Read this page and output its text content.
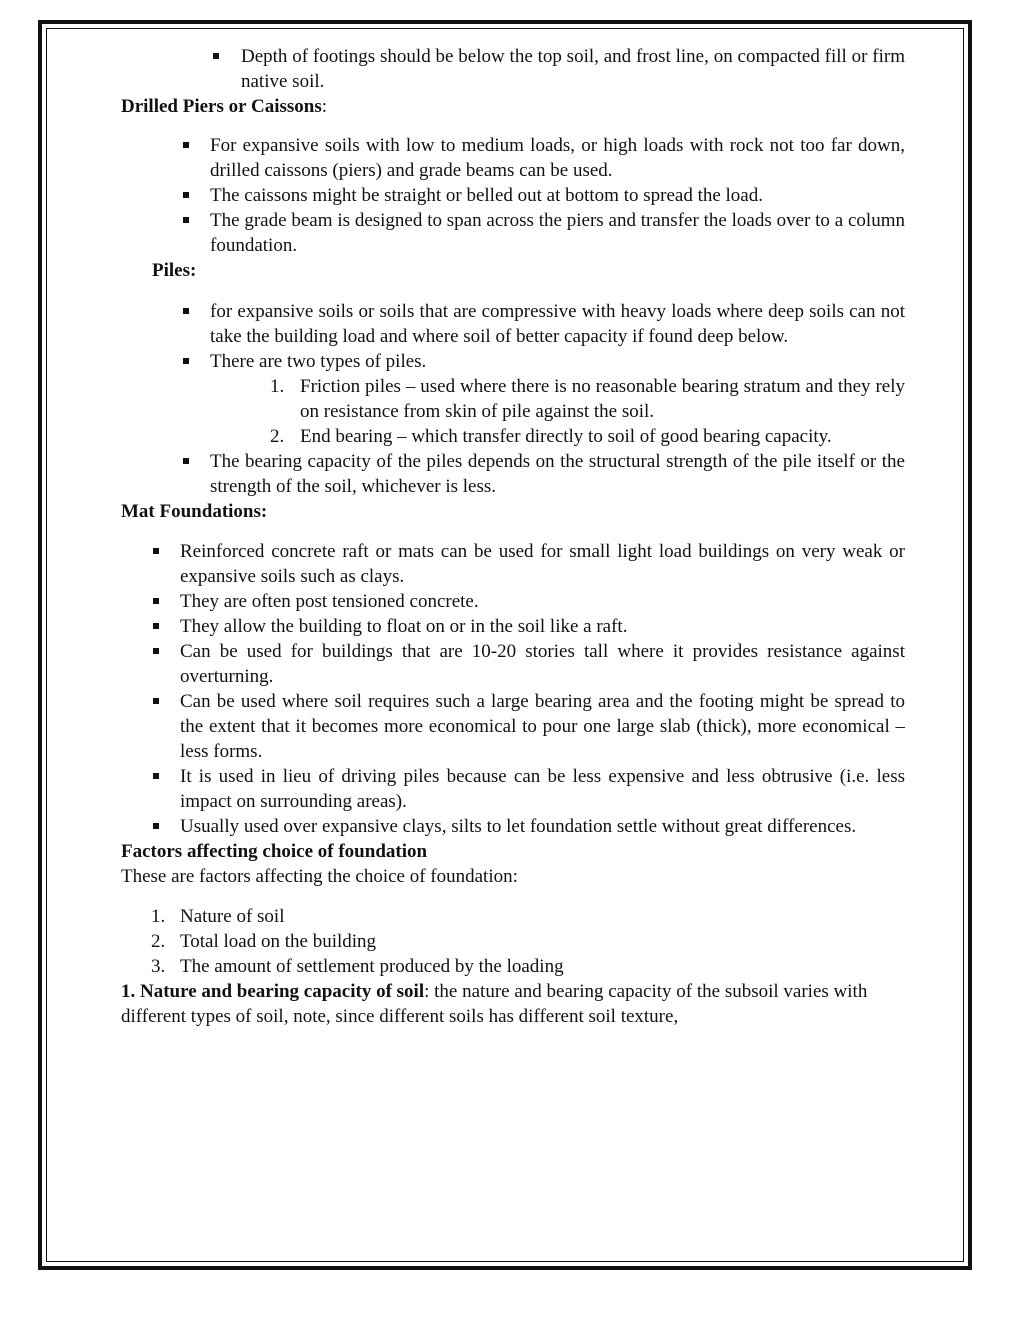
Depth of footings should be below the top soil, and frost line, on compacted fill or firm native soil.

Drilled Piers or Caissons:

For expansive soils with low to medium loads, or high loads with rock not too far down, drilled caissons (piers) and grade beams can be used.
The caissons might be straight or belled out at bottom to spread the load.
The grade beam is designed to span across the piers and transfer the loads over to a column foundation.

Piles:

for expansive soils or soils that are compressive with heavy loads where deep soils can not take the building load and where soil of better capacity if found deep below.
There are two types of piles.
1. Friction piles – used where there is no reasonable bearing stratum and they rely on resistance from skin of pile against the soil.
2. End bearing – which transfer directly to soil of good bearing capacity.
The bearing capacity of the piles depends on the structural strength of the pile itself or the strength of the soil, whichever is less.

Mat Foundations:

Reinforced concrete raft or mats can be used for small light load buildings on very weak or expansive soils such as clays.
They are often post tensioned concrete.
They allow the building to float on or in the soil like a raft.
Can be used for buildings that are 10-20 stories tall where it provides resistance against overturning.
Can be used where soil requires such a large bearing area and the footing might be spread to the extent that it becomes more economical to pour one large slab (thick), more economical – less forms.
It is used in lieu of driving piles because can be less expensive and less obtrusive (i.e. less impact on surrounding areas).
Usually used over expansive clays, silts to let foundation settle without great differences.

Factors affecting choice of foundation

These are factors affecting the choice of foundation:

1. Nature of soil
2. Total load on the building
3. The amount of settlement produced by the loading

1. Nature and bearing capacity of soil: the nature and bearing capacity of the subsoil varies with different types of soil, note, since different soils has different soil texture,
